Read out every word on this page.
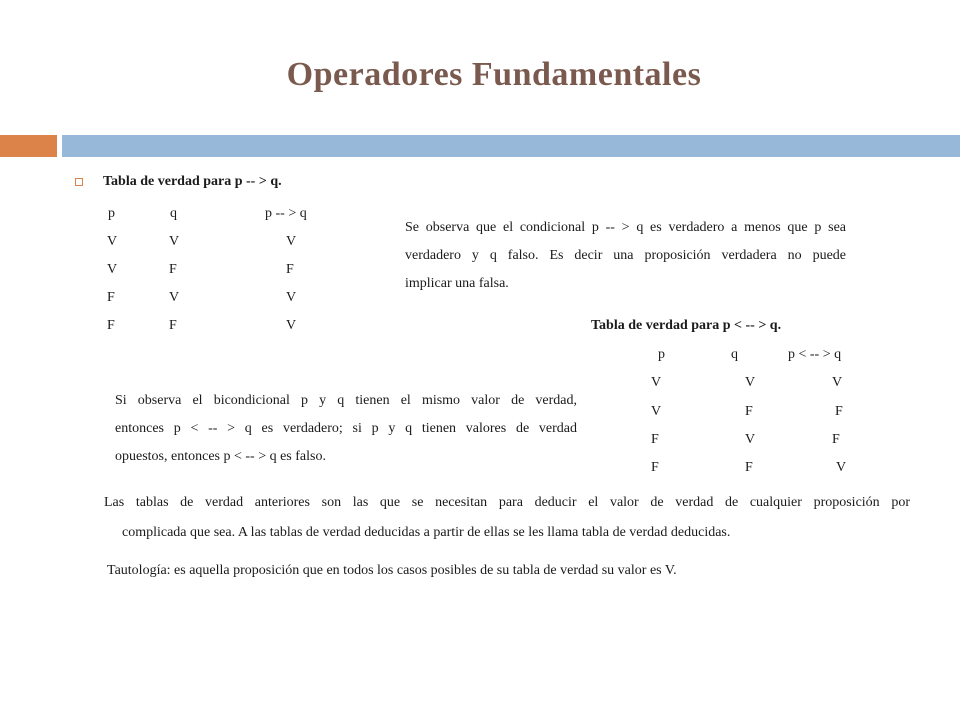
Operadores Fundamentales
Tabla de verdad para p -- > q.
p	q	p -- > q
V	V	V
V	F	F
F	V	V
F	F	V
Se observa que el condicional p -- > q es verdadero a menos que p sea
verdadero y q falso. Es decir una proposición verdadera no puede
implicar una falsa.
Tabla de verdad para p < -- > q.
p	q	p < -- > q
V	V	V
V	F	F
F	V	F
F	F	V
Si observa el bicondicional p y q tienen el mismo valor de verdad,
entonces p < -- > q es verdadero; si p y q tienen valores de verdad
opuestos, entonces p < -- > q es falso.
Las tablas de verdad anteriores son las que se necesitan para deducir el valor de verdad de cualquier proposición por
complicada que sea. A las tablas de verdad deducidas a partir de ellas se les llama tabla de verdad deducidas.
Tautología: es aquella proposición que en todos los casos posibles de su tabla de verdad su valor es V.
